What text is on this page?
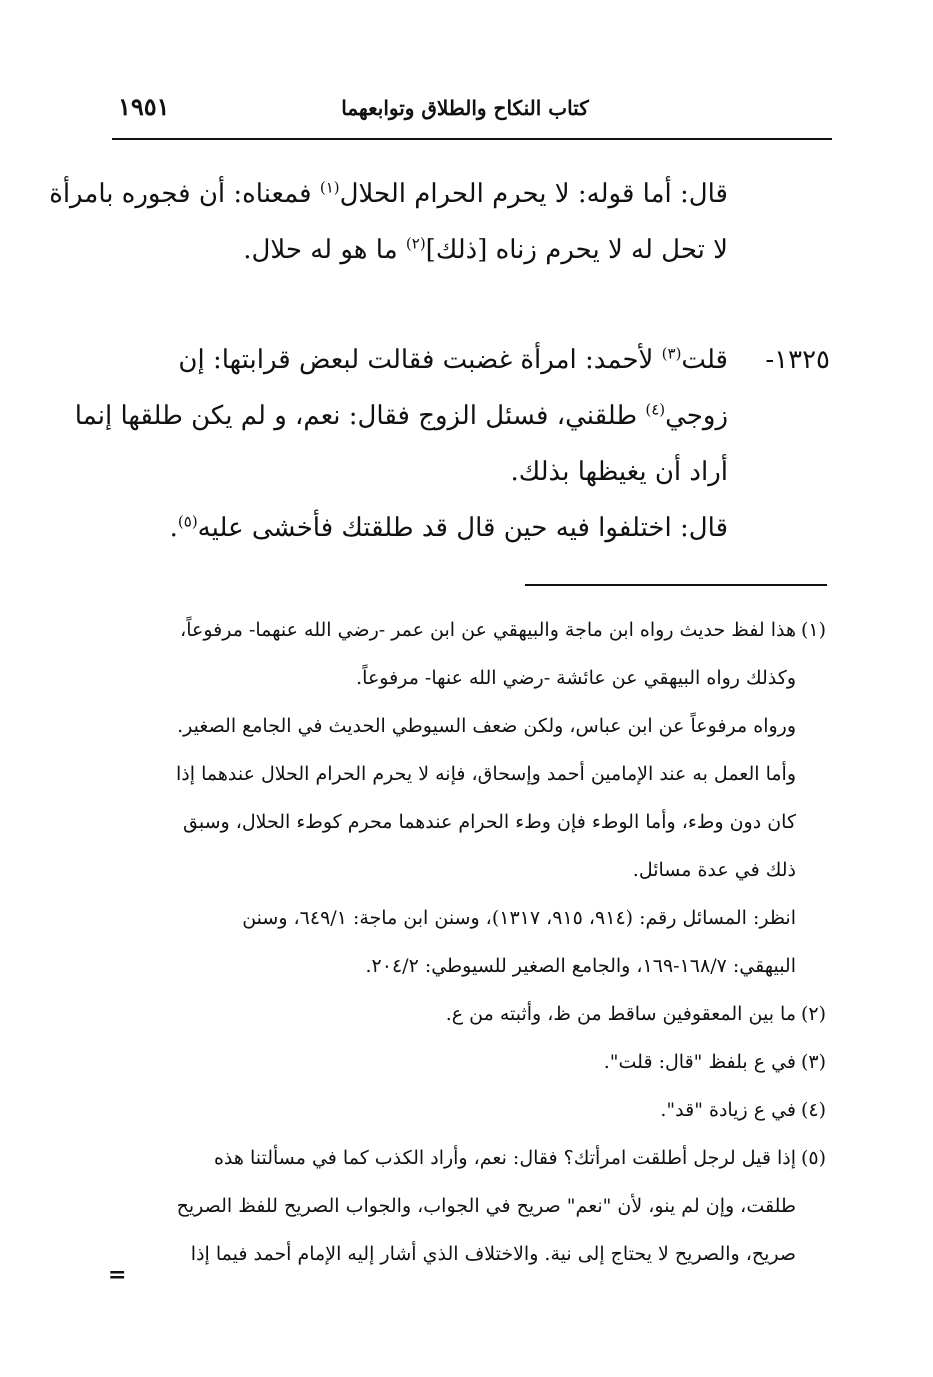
كتاب النكاح والطلاق وتوابعهما
١٩٥١
قال: أما قوله: لا يحرم الحرام الحلال$^{(١)}$ فمعناه: أن فجوره بامرأة
لا تحل له لا يحرم زناه [ذلك]$^{(٢)}$ ما هو له حلال.
١٣٢٥-
قلت$^{(٣)}$ لأحمد: امرأة غضبت فقالت لبعض قرابتها: إن
زوجي$^{(٤)}$ طلقني، فسئل الزوج فقال: نعم، و لم يكن طلقها إنما
أراد أن يغيظها بذلك.
قال: اختلفوا فيه حين قال قد طلقتك فأخشى عليه$^{(٥)}$.
(١)هذا لفظ حديث رواه ابن ماجة والبيهقي عن ابن عمر -رضي الله عنهما- مرفوعاً،
وكذلك رواه البيهقي عن عائشة -رضي الله عنها- مرفوعاً.
ورواه مرفوعاً عن ابن عباس، ولكن ضعف السيوطي الحديث في الجامع الصغير.
وأما العمل به عند الإمامين أحمد وإسحاق، فإنه لا يحرم الحرام الحلال عندهما إذا
كان دون وطء، وأما الوطء فإن وطء الحرام عندهما محرم كوطء الحلال، وسبق
ذلك في عدة مسائل.
انظر: المسائل رقم: (٩١٤، ٩١٥، ١٣١٧)، وسنن ابن ماجة: ٦٤٩/١، وسنن
البيهقي: ١٦٨/٧-١٦٩، والجامع الصغير للسيوطي: ٢٠٤/٢.
(٢)ما بين المعقوفين ساقط من ظ، وأثبته من ع.
(٣)في ع بلفظ "قال: قلت".
(٤)في ع زيادة "قد".
(٥)إذا قيل لرجل أطلقت امرأتك؟ فقال: نعم، وأراد الكذب كما في مسألتنا هذه
طلقت، وإن لم ينو، لأن "نعم" صريح في الجواب، والجواب الصريح للفظ الصريح
صريح، والصريح لا يحتاج إلى نية. والاختلاف الذي أشار إليه الإمام أحمد فيما إذا
=
